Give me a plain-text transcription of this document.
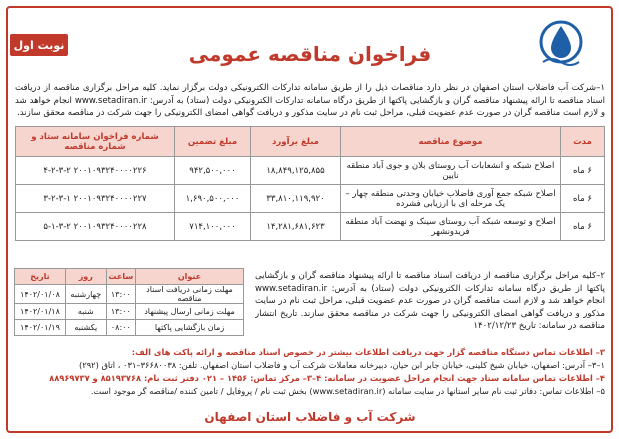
نوبت اول	فراخوان مناقصه عمومی
۱–شرکت آب فاضلاب استان اصفهان در نظر دارد مناقصات ذیل را از طریق سامانه تدارکات الکترونیکی دولت برگزار نماید. کلیه مراحل برگزاری مناقصه از دریافت اسناد مناقصه تا ارائه پیشنهاد مناقصه گران و بازگشایی پاکتها از طریق درگاه سامانه تدارکات الکترونیکی دولت (ستاد) به آدرس: www.setadiran.ir انجام خواهد شد و لازم است مناقصه گران در صورت عدم عضویت قبلی، مراحل ثبت نام در سایت مذکور و دریافت گواهی امضای الکترونیکی را جهت شرکت در مناقصه محقق سازند.
مدت	موضوع مناقصه	مبلغ برآورد	مبلغ تضمین	شماره فراخوان سامانه ستاد و شماره مناقصه
۶ ماه	اصلاح شبکه و انشعابات آب روستای بلان و جوی آباد منطقه نایین	۱۸,۸۴۹,۱۲۵,۸۵۵	۹۴۲,۵۰۰,۰۰۰	۲۰۰۱۰۹۳۲۴۰۰۰۰۲۲۶ ۴-۲-۳-۲
۶ ماه	اصلاح شبکه جمع آوری فاضلاب خیابان وحدتی منطقه چهار – یک مرحله ای با ارزیابی فشرده	۳۳,۸۱۰,۱۱۹,۹۲۰	۱,۶۹۰,۵۰۰,۰۰۰	۲۰۰۱۰۹۳۲۴۰۰۰۰۲۲۷ ۳-۲-۳-۱
۶ ماه	اصلاح و توسعه شبکه آب روستای سینک و نهضت آباد منطقه فریدونشهر	۱۴,۲۸۱,۶۸۱,۶۲۳	۷۱۴,۱۰۰,۰۰۰	۲۰۰۱۰۹۳۲۴۰۰۰۰۲۲۸ ۵-۱-۳-۲
۲–کلیه مراحل برگزاری مناقصه از دریافت اسناد مناقصه تا ارائه پیشنهاد مناقصه گران و بازگشایی پاکتها از طریق درگاه سامانه تدارکات الکترونیکی دولت (ستاد) به آدرس: www.setadiran.ir انجام خواهد شد و لازم است مناقصه گران در صورت عدم عضویت قبلی، مراحل ثبت نام در سایت مذکور و دریافت گواهی امضای الکترونیکی را جهت شرکت در مناقصه محقق سازند. تاریخ انتشار مناقصه در سامانه: تاریخ ۱۴۰۲/۱۲/۲۳
عنوان	ساعت	روز	تاریخ
مهلت زمانی دریافت اسناد مناقصه	۱۳:۰۰	چهارشنبه	۱۴۰۲/۰۱/۰۸
مهلت زمانی ارسال پیشنهاد	۱۳:۰۰	شنبه	۱۴۰۲/۰۱/۱۸
زمان بازگشایی پاکتها	۰۸:۰۰	یکشنبه	۱۴۰۲/۰۱/۱۹
۳– اطلاعات تماس دستگاه مناقصه گزار جهت دریافت اطلاعات بیشتر در خصوص اسناد مناقصه و ارائه پاکت های الف:
۱–۳– آدرس: اصفهان، خیابان شیخ کلینی، خیابان جابر ابن حیان، دبیرخانه معاملات شرکت آب و فاضلاب استان اصفهان. تلفن: ۳۶۶۸۰۰۳۸–۰۳۱ ، اتاق (۲۹۲)
۴– اطلاعات تماس سامانه ستاد جهت انجام مراحل عضویت در سامانه: ۴–۳– مرکز تماس: ۱۴۵۶ – ۰۲۱ دفتر ثبت نام: ۸۵۱۹۳۷۶۸ و ۸۸۹۶۹۷۳۷
۵– اطلاعات تماس: دفاتر ثبت نام سایر استانها در سایت سامانه (www.setadiran.ir) بخش ثبت نام / پروفایل / تامین کننده /مناقصه گر موجود است.
شرکت آب و فاضلاب استان اصفهان
